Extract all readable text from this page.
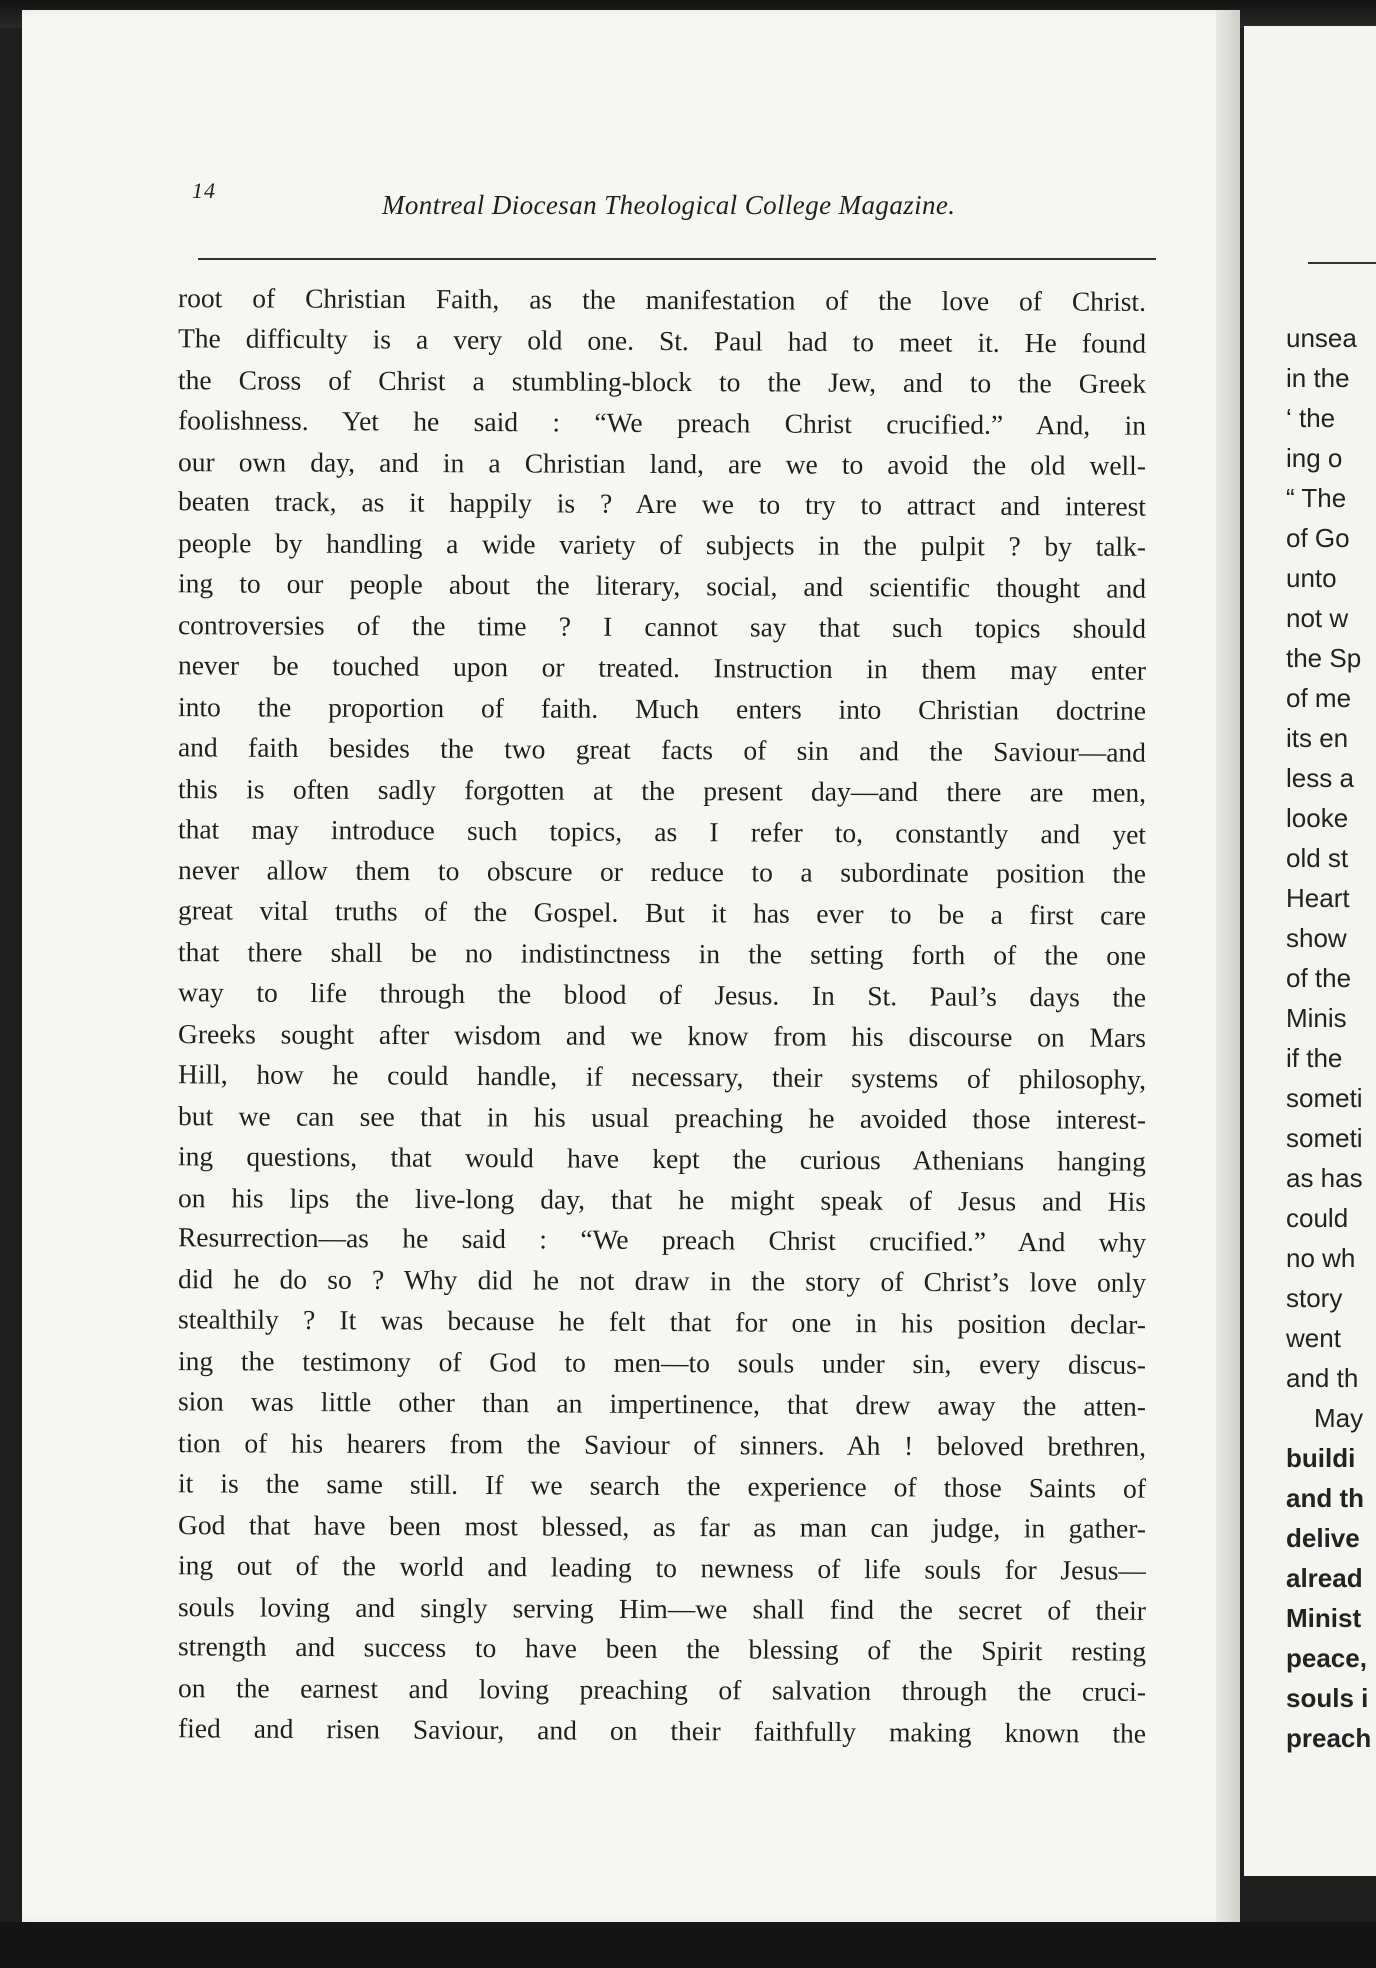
14	Montreal Diocesan Theological College Magazine.
root of Christian Faith, as the manifestation of the love of Christ.
The difficulty is a very old one. St. Paul had to meet it. He found
the Cross of Christ a stumbling-block to the Jew, and to the Greek
foolishness. Yet he said : “We preach Christ crucified.” And, in
our own day, and in a Christian land, are we to avoid the old well-
beaten track, as it happily is ? Are we to try to attract and interest
people by handling a wide variety of subjects in the pulpit ? by talk-
ing to our people about the literary, social, and scientific thought and
controversies of the time ? I cannot say that such topics should
never be touched upon or treated. Instruction in them may enter
into the proportion of faith. Much enters into Christian doctrine
and faith besides the two great facts of sin and the Saviour—and
this is often sadly forgotten at the present day—and there are men,
that may introduce such topics, as I refer to, constantly and yet
never allow them to obscure or reduce to a subordinate position the
great vital truths of the Gospel. But it has ever to be a first care
that there shall be no indistinctness in the setting forth of the one
way to life through the blood of Jesus. In St. Paul’s days the
Greeks sought after wisdom and we know from his discourse on Mars
Hill, how he could handle, if necessary, their systems of philosophy,
but we can see that in his usual preaching he avoided those interest-
ing questions, that would have kept the curious Athenians hanging
on his lips the live-long day, that he might speak of Jesus and His
Resurrection—as he said : “We preach Christ crucified.” And why
did he do so ? Why did he not draw in the story of Christ’s love only
stealthily ? It was because he felt that for one in his position declar-
ing the testimony of God to men—to souls under sin, every discus-
sion was little other than an impertinence, that drew away the atten-
tion of his hearers from the Saviour of sinners. Ah ! beloved brethren,
it is the same still. If we search the experience of those Saints of
God that have been most blessed, as far as man can judge, in gather-
ing out of the world and leading to newness of life souls for Jesus—
souls loving and singly serving Him—we shall find the secret of their
strength and success to have been the blessing of the Spirit resting
on the earnest and loving preaching of salvation through the cruci-
fied and risen Saviour, and on their faithfully making known the
unsea
in the
‘ the
ing o
“ The
of Go
unto
not w
the Sp
of me
its en
less a
looke
old st
Heart
show
of the
Minis
if the
someti
someti
as has
could
no wh
story
went
and th
May
buildi
and th
delive
alread
Minist
peace,
souls i
preach
